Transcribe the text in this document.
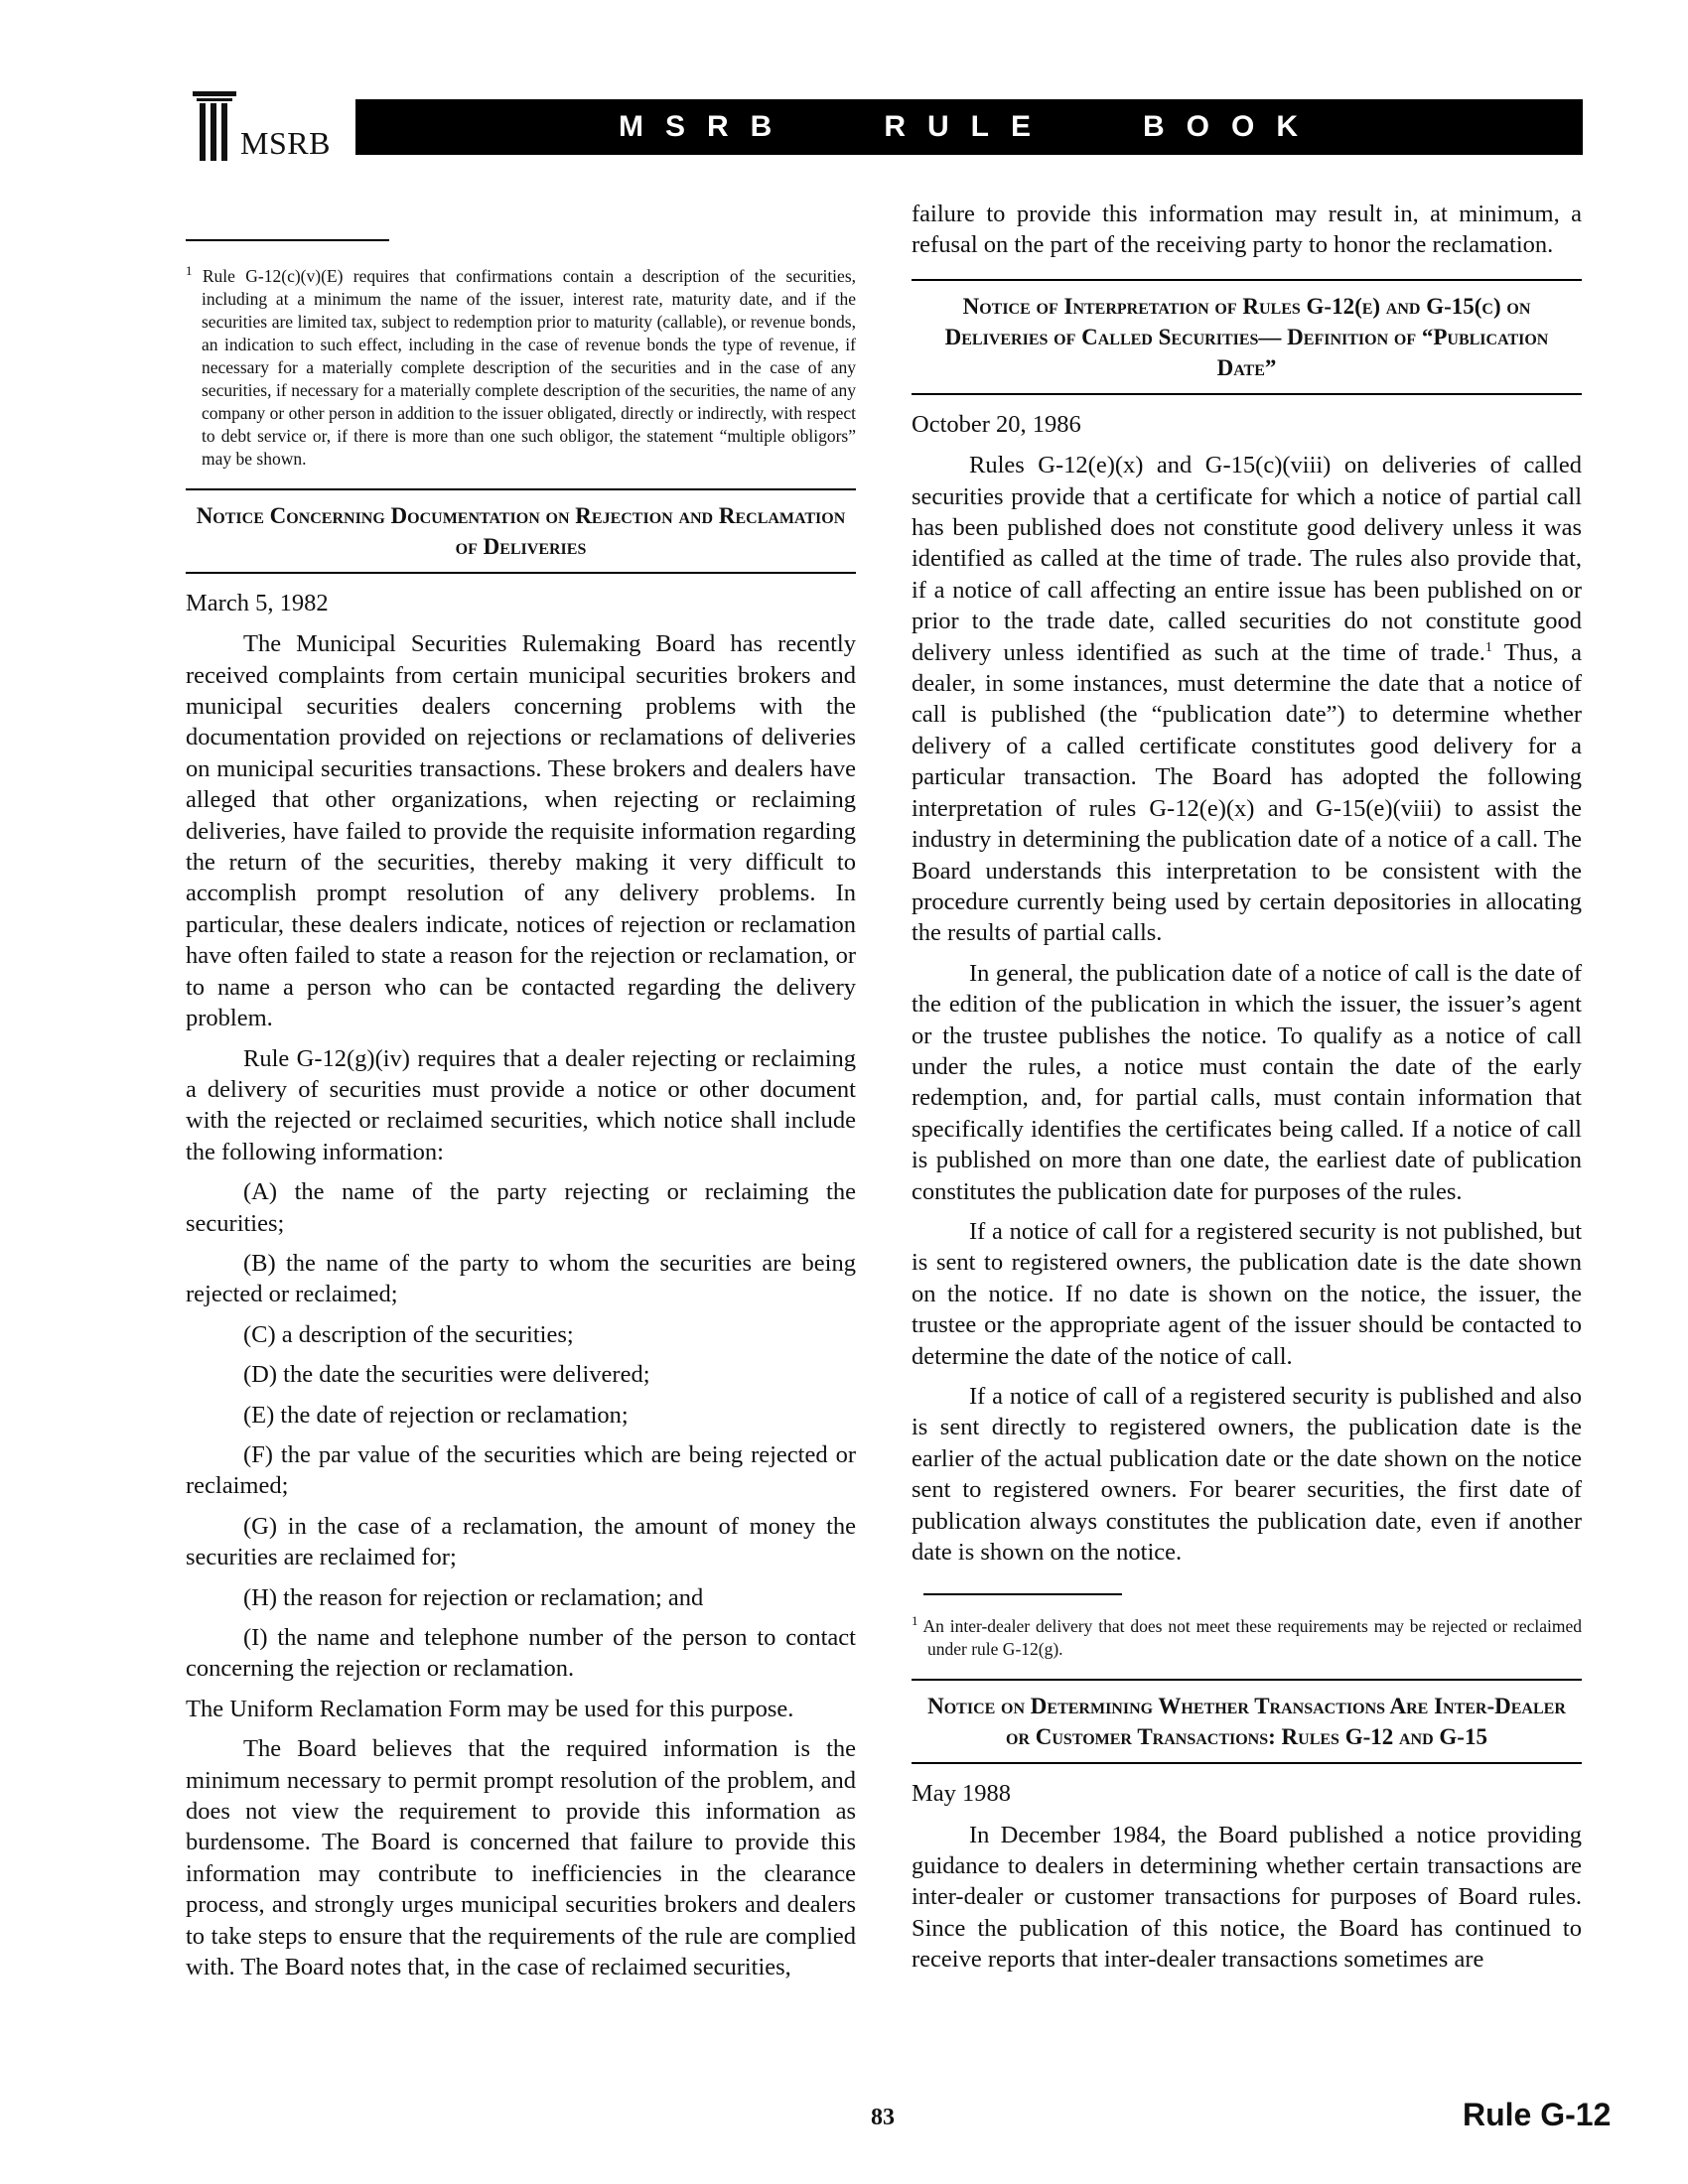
MSRB	MSRB   RULE   BOOK

$^1$ Rule G-12(c)(v)(E) requires that confirmations contain a description of the securities, including at a minimum the name of the issuer, interest rate, maturity date, and if the securities are limited tax, subject to redemption prior to maturity (callable), or revenue bonds, an indication to such effect, including in the case of revenue bonds the type of revenue, if necessary for a materially complete description of the securities and in the case of any securities, if necessary for a materially complete description of the securities, the name of any company or other person in addition to the issuer obligated, directly or indirectly, with respect to debt service or, if there is more than one such obligor, the statement “multiple obligors” may be shown.

Notice Concerning Documentation on Rejection and Reclamation of Deliveries

March 5, 1982

The Municipal Securities Rulemaking Board has recently received complaints from certain municipal securities brokers and municipal securities dealers concerning problems with the documentation provided on rejections or reclamations of deliveries on municipal securities transactions. These brokers and dealers have alleged that other organizations, when rejecting or reclaiming deliveries, have failed to provide the requisite information regarding the return of the securities, thereby making it very difficult to accomplish prompt resolution of any delivery problems. In particular, these dealers indicate, notices of rejection or reclamation have often failed to state a reason for the rejection or reclamation, or to name a person who can be contacted regarding the delivery problem.

Rule G-12(g)(iv) requires that a dealer rejecting or reclaiming a delivery of securities must provide a notice or other document with the rejected or reclaimed securities, which notice shall include the following information:

(A) the name of the party rejecting or reclaiming the securities;

(B) the name of the party to whom the securities are being rejected or reclaimed;

(C) a description of the securities;

(D) the date the securities were delivered;

(E) the date of rejection or reclamation;

(F) the par value of the securities which are being rejected or reclaimed;

(G) in the case of a reclamation, the amount of money the securities are reclaimed for;

(H) the reason for rejection or reclamation; and

(I) the name and telephone number of the person to contact concerning the rejection or reclamation.

The Uniform Reclamation Form may be used for this purpose.

The Board believes that the required information is the minimum necessary to permit prompt resolution of the problem, and does not view the requirement to provide this information as burdensome. The Board is concerned that failure to provide this information may contribute to inefficiencies in the clearance process, and strongly urges municipal securities brokers and dealers to take steps to ensure that the requirements of the rule are complied with. The Board notes that, in the case of reclaimed securities,

failure to provide this information may result in, at minimum, a refusal on the part of the receiving party to honor the reclamation.

Notice of Interpretation of Rules G-12(e) and G-15(c) on Deliveries of Called Securities— Definition of “Publication Date”

October 20, 1986

Rules G-12(e)(x) and G-15(c)(viii) on deliveries of called securities provide that a certificate for which a notice of partial call has been published does not constitute good delivery unless it was identified as called at the time of trade. The rules also provide that, if a notice of call affecting an entire issue has been published on or prior to the trade date, called securities do not constitute good delivery unless identified as such at the time of trade.$^1$ Thus, a dealer, in some instances, must determine the date that a notice of call is published (the “publication date”) to determine whether delivery of a called certificate constitutes good delivery for a particular transaction. The Board has adopted the following interpretation of rules G-12(e)(x) and G-15(e)(viii) to assist the industry in determining the publication date of a notice of a call. The Board understands this interpretation to be consistent with the procedure currently being used by certain depositories in allocating the results of partial calls.

In general, the publication date of a notice of call is the date of the edition of the publication in which the issuer, the issuer’s agent or the trustee publishes the notice. To qualify as a notice of call under the rules, a notice must contain the date of the early redemption, and, for partial calls, must contain information that specifically identifies the certificates being called. If a notice of call is published on more than one date, the earliest date of publication constitutes the publication date for purposes of the rules.

If a notice of call for a registered security is not published, but is sent to registered owners, the publication date is the date shown on the notice. If no date is shown on the notice, the issuer, the trustee or the appropriate agent of the issuer should be contacted to determine the date of the notice of call.

If a notice of call of a registered security is published and also is sent directly to registered owners, the publication date is the earlier of the actual publication date or the date shown on the notice sent to registered owners. For bearer securities, the first date of publication always constitutes the publication date, even if another date is shown on the notice.

$^1$ An inter-dealer delivery that does not meet these requirements may be rejected or reclaimed under rule G-12(g).

Notice on Determining Whether Transactions Are Inter-Dealer or Customer Transactions: Rules G-12 and G-15

May 1988

In December 1984, the Board published a notice providing guidance to dealers in determining whether certain transactions are inter-dealer or customer transactions for purposes of Board rules. Since the publication of this notice, the Board has continued to receive reports that inter-dealer transactions sometimes are

83	Rule G-12
